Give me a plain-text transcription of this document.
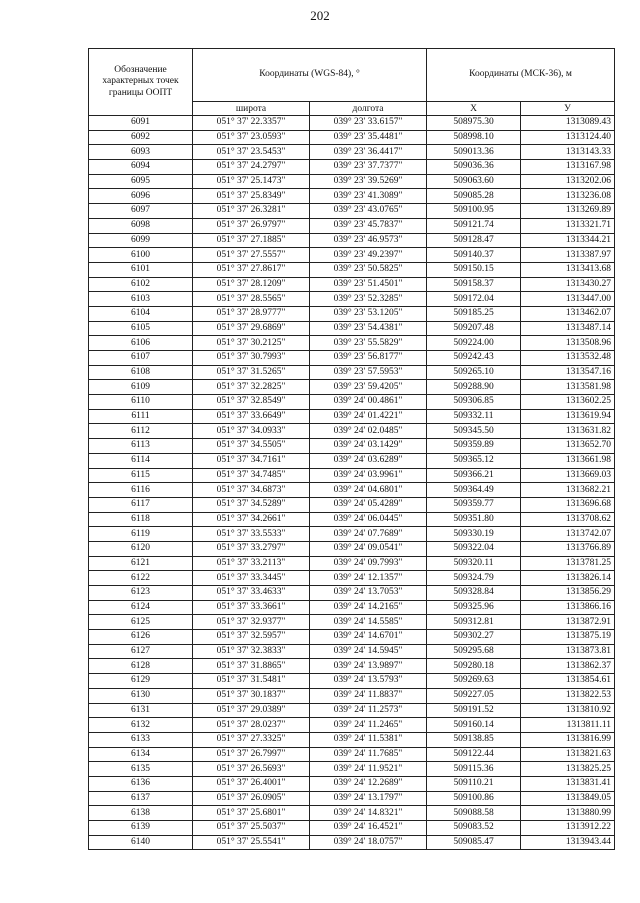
202
Обозначение характерных точек границы ООПТ	Координаты (WGS-84), °		Координаты (МСК-36), м	
	широта	долгота	X	У
6091	051° 37' 22.3357"	039° 23' 33.6157"	508975.30	1313089.43
6092	051° 37' 23.0593"	039° 23' 35.4481"	508998.10	1313124.40
6093	051° 37' 23.5453"	039° 23' 36.4417"	509013.36	1313143.33
6094	051° 37' 24.2797"	039° 23' 37.7377"	509036.36	1313167.98
6095	051° 37' 25.1473"	039° 23' 39.5269"	509063.60	1313202.06
6096	051° 37' 25.8349"	039° 23' 41.3089"	509085.28	1313236.08
6097	051° 37' 26.3281"	039° 23' 43.0765"	509100.95	1313269.89
6098	051° 37' 26.9797"	039° 23' 45.7837"	509121.74	1313321.71
6099	051° 37' 27.1885"	039° 23' 46.9573"	509128.47	1313344.21
6100	051° 37' 27.5557"	039° 23' 49.2397"	509140.37	1313387.97
6101	051° 37' 27.8617"	039° 23' 50.5825"	509150.15	1313413.68
6102	051° 37' 28.1209"	039° 23' 51.4501"	509158.37	1313430.27
6103	051° 37' 28.5565"	039° 23' 52.3285"	509172.04	1313447.00
6104	051° 37' 28.9777"	039° 23' 53.1205"	509185.25	1313462.07
6105	051° 37' 29.6869"	039° 23' 54.4381"	509207.48	1313487.14
6106	051° 37' 30.2125"	039° 23' 55.5829"	509224.00	1313508.96
6107	051° 37' 30.7993"	039° 23' 56.8177"	509242.43	1313532.48
6108	051° 37' 31.5265"	039° 23' 57.5953"	509265.10	1313547.16
6109	051° 37' 32.2825"	039° 23' 59.4205"	509288.90	1313581.98
6110	051° 37' 32.8549"	039° 24' 00.4861"	509306.85	1313602.25
6111	051° 37' 33.6649"	039° 24' 01.4221"	509332.11	1313619.94
6112	051° 37' 34.0933"	039° 24' 02.0485"	509345.50	1313631.82
6113	051° 37' 34.5505"	039° 24' 03.1429"	509359.89	1313652.70
6114	051° 37' 34.7161"	039° 24' 03.6289"	509365.12	1313661.98
6115	051° 37' 34.7485"	039° 24' 03.9961"	509366.21	1313669.03
6116	051° 37' 34.6873"	039° 24' 04.6801"	509364.49	1313682.21
6117	051° 37' 34.5289"	039° 24' 05.4289"	509359.77	1313696.68
6118	051° 37' 34.2661"	039° 24' 06.0445"	509351.80	1313708.62
6119	051° 37' 33.5533"	039° 24' 07.7689"	509330.19	1313742.07
6120	051° 37' 33.2797"	039° 24' 09.0541"	509322.04	1313766.89
6121	051° 37' 33.2113"	039° 24' 09.7993"	509320.11	1313781.25
6122	051° 37' 33.3445"	039° 24' 12.1357"	509324.79	1313826.14
6123	051° 37' 33.4633"	039° 24' 13.7053"	509328.84	1313856.29
6124	051° 37' 33.3661"	039° 24' 14.2165"	509325.96	1313866.16
6125	051° 37' 32.9377"	039° 24' 14.5585"	509312.81	1313872.91
6126	051° 37' 32.5957"	039° 24' 14.6701"	509302.27	1313875.19
6127	051° 37' 32.3833"	039° 24' 14.5945"	509295.68	1313873.81
6128	051° 37' 31.8865"	039° 24' 13.9897"	509280.18	1313862.37
6129	051° 37' 31.5481"	039° 24' 13.5793"	509269.63	1313854.61
6130	051° 37' 30.1837"	039° 24' 11.8837"	509227.05	1313822.53
6131	051° 37' 29.0389"	039° 24' 11.2573"	509191.52	1313810.92
6132	051° 37' 28.0237"	039° 24' 11.2465"	509160.14	1313811.11
6133	051° 37' 27.3325"	039° 24' 11.5381"	509138.85	1313816.99
6134	051° 37' 26.7997"	039° 24' 11.7685"	509122.44	1313821.63
6135	051° 37' 26.5693"	039° 24' 11.9521"	509115.36	1313825.25
6136	051° 37' 26.4001"	039° 24' 12.2689"	509110.21	1313831.41
6137	051° 37' 26.0905"	039° 24' 13.1797"	509100.86	1313849.05
6138	051° 37' 25.6801"	039° 24' 14.8321"	509088.58	1313880.99
6139	051° 37' 25.5037"	039° 24' 16.4521"	509083.52	1313912.22
6140	051° 37' 25.5541"	039° 24' 18.0757"	509085.47	1313943.44
